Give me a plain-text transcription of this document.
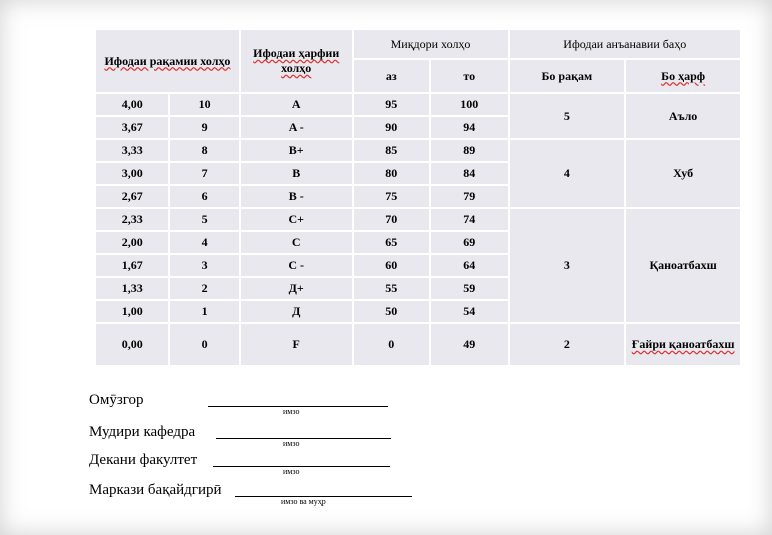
Ифодаи рақамии холҳо		Ифодаи ҳарфии холҳо	Миқдори холҳо		Ифодаи анъанавии баҳо	
			аз	то	Бо рақам	Бо ҳарф
4,00	10	A	95	100	5	Аъло
3,67	9	A -	90	94		
3,33	8	B+	85	89	4	Хуб
3,00	7	B	80	84		
2,67	6	B -	75	79		
2,33	5	C+	70	74	3	Қаноатбахш
2,00	4	C	65	69		
1,67	3	C -	60	64		
1,33	2	Д+	55	59		
1,00	1	Д	50	54		
0,00	0	F	0	49	2	Ғайри қаноатбахш
Омӯзгор
имзо
Мудири кафедра
имзо
Декани факултет
имзо
Маркази бақайдгирӣ
имзо ва муҳр
